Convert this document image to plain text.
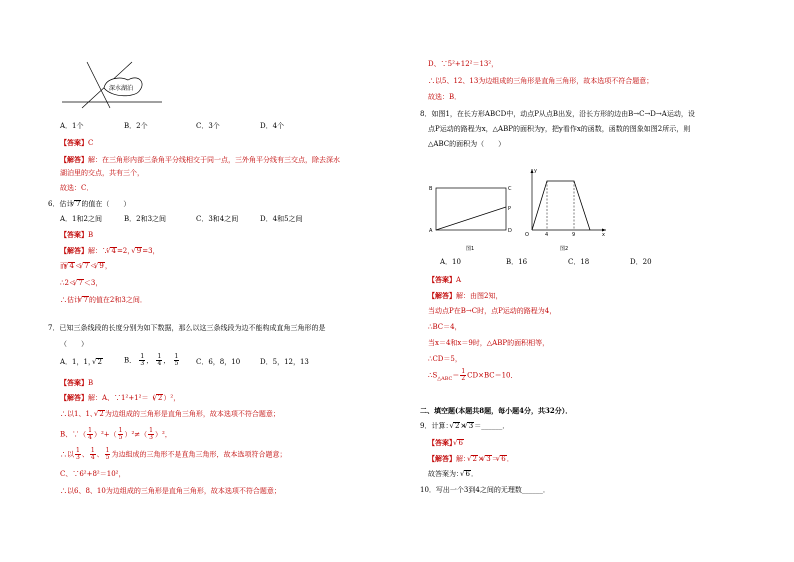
深水湖泊
A．1个	B．2个	C．3个	D．4个
【答案】C
【解答】解：在三角形内部三条角平分线相交于同一点，三外角平分线有三交点，除去深水
湖泊里的交点，共有三个，
故选：C．
6．估计 √ 7的值在（　　）
A．1和2之间	B．2和3之间	C．3和4之间	D．4和5之间
【答案】B
【解答】解：∵ √ 4=2， √ 9=3，
而 √ 4＜ √ 7＜ √ 9，
∴2＜ √ 7＜3，
∴估计 √ 7的值在2和3之间．
7．已知三条线段的长度分别为如下数据，那么以这三条线段为边不能构成直角三角形的是
（　　）
A．1，1， √ 2	B． $\frac{1}{3}$ ， $\frac{1}{4}$ ， $\frac{1}{5}$ C．6，8，10	D．5，12，13
【答案】B
【解答】解：A、∵1²+1²＝（ √ 2）²，
∴以1、1、 √ 2为边组成的三角形是直角三角形，故本选项不符合题意；
B、∵（ $\frac{1}{4} )^2+( \frac{1}{5} )^2\ne( \frac{1}{3} )^2$，
∴以 $\frac{1}{3}$ 、 $\frac{1}{4}$ 、 $\frac{1}{5}$ 为边组成的三角形不是直角三角形，故本选项符合题意；
C、∵6²+8²＝10²，
∴以6、8、10为边组成的三角形是直角三角形，故本选项不符合题意；
D、∵5²+12²＝13²，
∴以5、12、13为边组成的三角形是直角三角形，故本选项不符合题意；
故选：B．
8．如图1，在长方形ABCD中，动点P从点B出发，沿长方形的边由B→C→D→A运动，设
点P运动的路程为x，△ABP的面积为y，把y看作x的函数，函数的图象如图2所示，则
△ABC的面积为（　　）
B	C
P
A	D
图1
y
O	4	9	x
图2
A．10	B．16	C．18	D．20
【答案】A
【解答】解：由图2知，
当动点P在B→C时，点P运动的路程为4，
∴BC＝4，
当x＝4和x＝9时，△ABP的面积相等，
∴CD＝5，
$\therefore S_{\triangle ABC}= \frac{1}{2} CD\times BC=10$．
二、填空题(本题共8题，每小题4分，共32分）．
9．计算： √ 2× √ 3＝______．
【答案】 √ 6
【解答】解： √ 2× √ 3＝ √ 6．
故答案为： √ 6．
10．写出一个3到4之间的无理数______．
